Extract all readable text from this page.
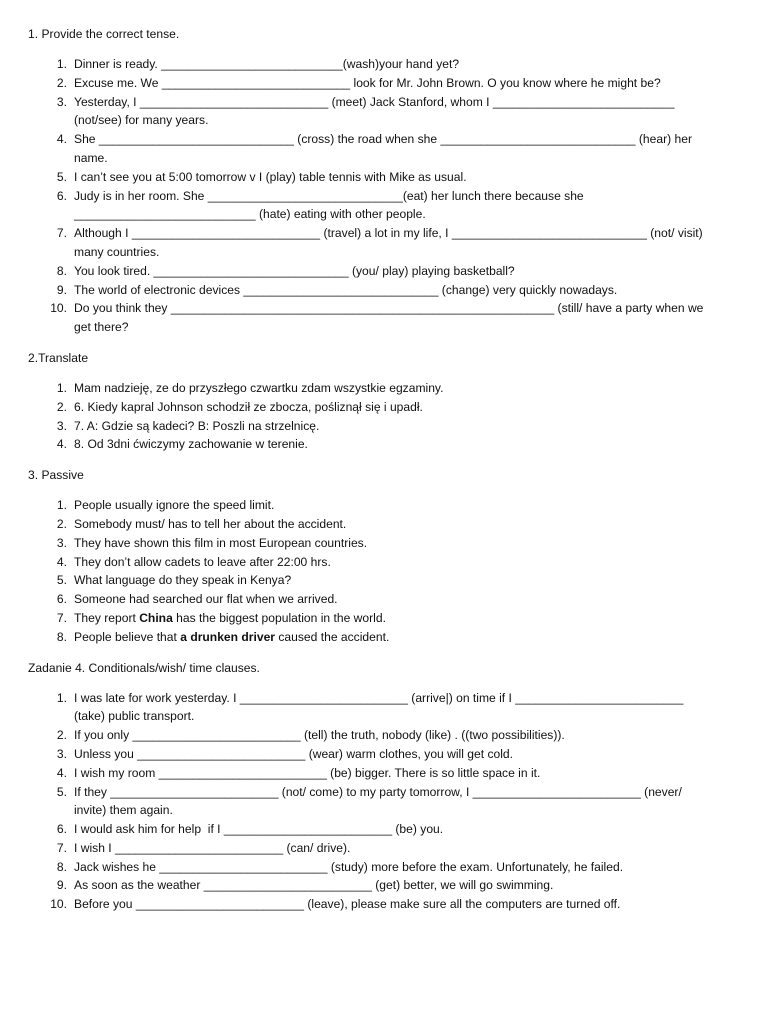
1. Provide the correct tense.
1. Dinner is ready. ___________________________(wash)your hand yet?
2. Excuse me. We ____________________________ look for Mr. John Brown. O you know where he might be?
3. Yesterday, I ____________________________ (meet) Jack Stanford, whom I ___________________________ (not/see) for many years.
4. She _____________________________ (cross) the road when she _____________________________ (hear) her name.
5. I can’t see you at 5:00 tomorrow v I (play) table tennis with Mike as usual.
6. Judy is in her room. She _____________________________(eat) her lunch there because she ___________________________ (hate) eating with other people.
7. Although I ____________________________ (travel) a lot in my life, I _____________________________ (not/ visit) many countries.
8. You look tired. _____________________________ (you/ play) playing basketball?
9. The world of electronic devices _____________________________ (change) very quickly nowadays.
10. Do you think they _________________________________________________________ (still/ have a party when we get there?
2.Translate
1. Mam nadzieję, ze do przyszłego czwartku zdam wszystkie egzaminy.
2. 6. Kiedy kapral Johnson schodził ze zbocza, pośliznął się i upadł.
3. 7. A: Gdzie są kadeci? B: Poszli na strzelnicę.
4. 8. Od 3dni ćwiczymy zachowanie w terenie.
3. Passive
1. People usually ignore the speed limit.
2. Somebody must/ has to tell her about the accident.
3. They have shown this film in most European countries.
4. They don’t allow cadets to leave after 22:00 hrs.
5. What language do they speak in Kenya?
6. Someone had searched our flat when we arrived.
7. They report China has the biggest population in the world.
8. People believe that a drunken driver caused the accident.
Zadanie 4. Conditionals/wish/ time clauses.
1. I was late for work yesterday. I _________________________ (arrive|) on time if I _________________________ (take) public transport.
2. If you only _________________________ (tell) the truth, nobody (like) . ((two possibilities)).
3. Unless you _________________________ (wear) warm clothes, you will get cold.
4. I wish my room _________________________ (be) bigger. There is so little space in it.
5. If they _________________________ (not/ come) to my party tomorrow, I _________________________ (never/ invite) them again.
6. I would ask him for help  if I _________________________ (be) you.
7. I wish I _________________________ (can/ drive).
8. Jack wishes he _________________________ (study) more before the exam. Unfortunately, he failed.
9. As soon as the weather _________________________ (get) better, we will go swimming.
10. Before you _________________________ (leave), please make sure all the computers are turned off.
